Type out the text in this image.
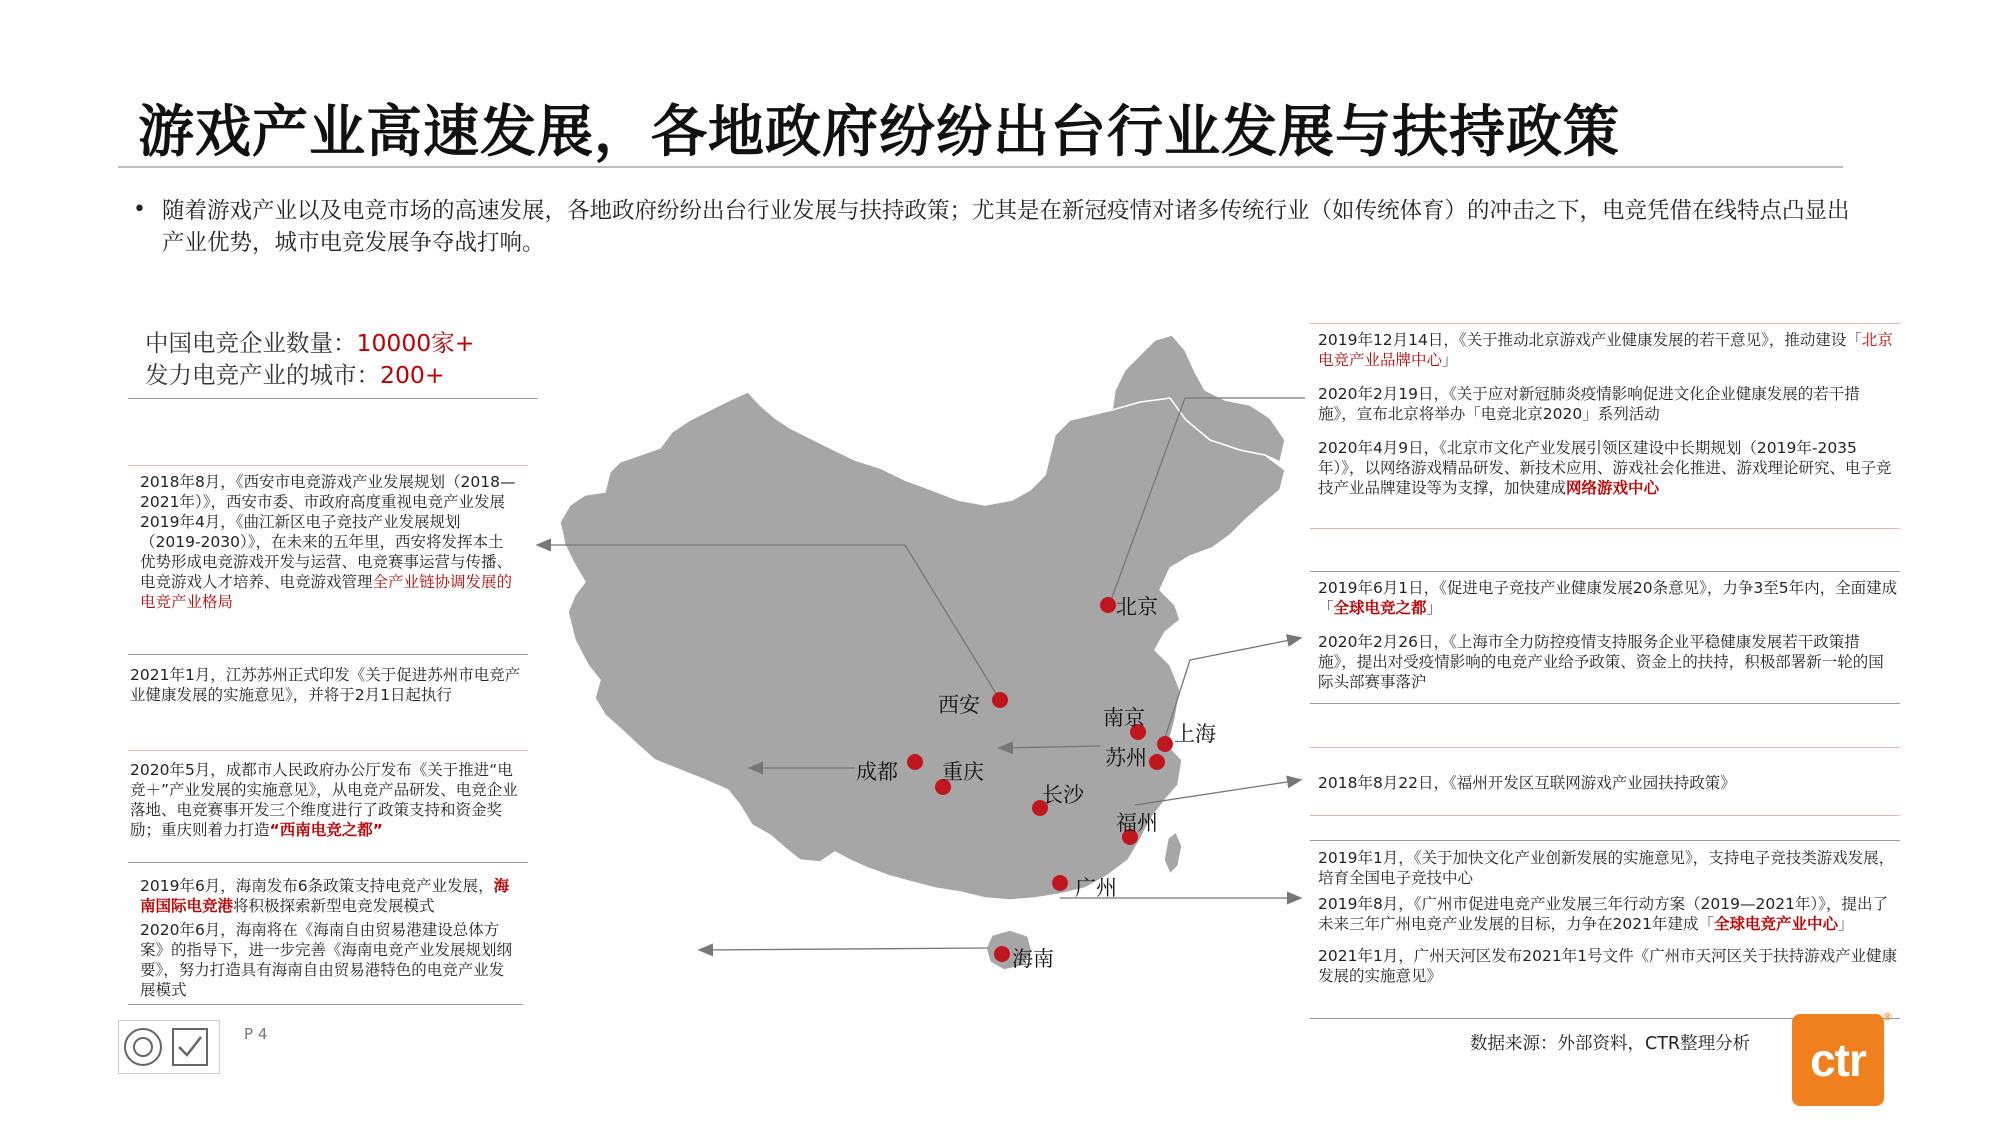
游戏产业高速发展，各地政府纷纷出台行业发展与扶持政策
• 随着游戏产业以及电竞市场的高速发展，各地政府纷纷出台行业发展与扶持政策；尤其是在新冠疫情对诸多传统行业（如传统体育）的冲击之下，电竞凭借在线特点凸显出产业优势，城市电竞发展争夺战打响。
中国电竞企业数量：10000家+
发力电竞产业的城市：200+
北京
西安
南京
上海
苏州
成都 重庆
长沙
福州
广州
海南
2018年8月，《西安市电竞游戏产业发展规划（2018—2021年）》，西安市委、市政府高度重视电竞产业发展
2019年4月，《曲江新区电子竞技产业发展规划（2019-2030）》，在未来的五年里，西安将发挥本土优势形成电竞游戏开发与运营、电竞赛事运营与传播、电竞游戏人才培养、电竞游戏管理全产业链协调发展的电竞产业格局
2021年1月，江苏苏州正式印发《关于促进苏州市电竞产业健康发展的实施意见》，并将于2月1日起执行
2020年5月，成都市人民政府办公厅发布《关于推进“电竞＋”产业发展的实施意见》，从电竞产品研发、电竞企业落地、电竞赛事开发三个维度进行了政策支持和资金奖励；重庆则着力打造“西南电竞之都”
2019年6月，海南发布6条政策支持电竞产业发展，海南国际电竞港将积极探索新型电竞发展模式
2020年6月，海南将在《海南自由贸易港建设总体方案》的指导下，进一步完善《海南电竞产业发展规划纲要》，努力打造具有海南自由贸易港特色的电竞产业发展模式
2019年12月14日，《关于推动北京游戏产业健康发展的若干意见》，推动建设「北京电竞产业品牌中心」
2020年2月19日，《关于应对新冠肺炎疫情影响促进文化企业健康发展的若干措施》，宣布北京将举办「电竞北京2020」系列活动
2020年4月9日，《北京市文化产业发展引领区建设中长期规划（2019年-2035年）》，以网络游戏精品研发、新技术应用、游戏社会化推进、游戏理论研究、电子竞技产业品牌建设等为支撑，加快建成网络游戏中心
2019年6月1日，《促进电子竞技产业健康发展20条意见》，力争3至5年内，全面建成「全球电竞之都」
2020年2月26日，《上海市全力防控疫情支持服务企业平稳健康发展若干政策措施》，提出对受疫情影响的电竞产业给予政策、资金上的扶持，积极部署新一轮的国际头部赛事落沪
2018年8月22日，《福州开发区互联网游戏产业园扶持政策》
2019年1月，《关于加快文化产业创新发展的实施意见》，支持电子竞技类游戏发展，培育全国电子竞技中心
2019年8月，《广州市促进电竞产业发展三年行动方案（2019—2021年）》，提出了未来三年广州电竞产业发展的目标，力争在2021年建成「全球电竞产业中心」
2021年1月，广州天河区发布2021年1号文件《广州市天河区关于扶持游戏产业健康发展的实施意见》
P 4	数据来源：外部资料，CTR整理分析	ctr
®
